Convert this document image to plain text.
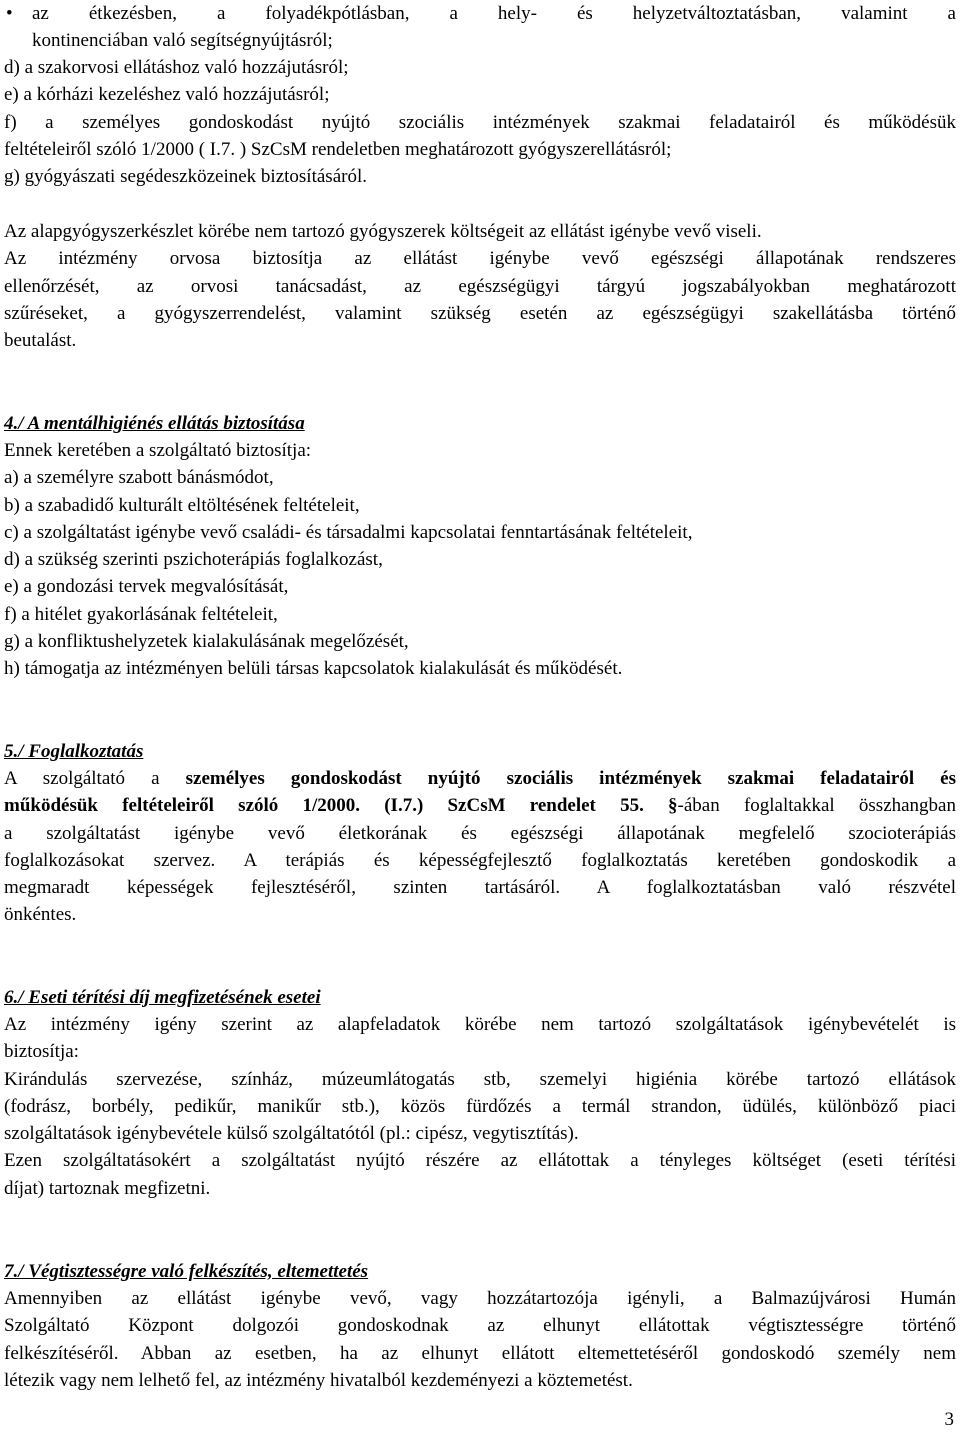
• az étkezésben, a folyadékpótlásban, a hely- és helyzetváltoztatásban, valamint a
kontinenciában való segítségnyújtásról;
d) a szakorvosi ellátáshoz való hozzájutásról;
e) a kórházi kezeléshez való hozzájutásról;
f) a személyes gondoskodást nyújtó szociális intézmények szakmai feladatairól és működésük
feltételeiről szóló 1/2000 ( I.7. ) SzCsM rendeletben meghatározott gyógyszerellátásról;
g) gyógyászati segédeszközeinek biztosításáról.
Az alapgyógyszerkészlet körébe nem tartozó gyógyszerek költségeit az ellátást igénybe vevő viseli.
Az intézmény orvosa biztosítja az ellátást igénybe vevő egészségi állapotának rendszeres
ellenőrzését, az orvosi tanácsadást, az egészségügyi tárgyú jogszabályokban meghatározott
szűréseket, a gyógyszerrendelést, valamint szükség esetén az egészségügyi szakellátásba történő
beutalást.
4./ A mentálhigiénés ellátás biztosítása
Ennek keretében a szolgáltató biztosítja:
a) a személyre szabott bánásmódot,
b) a szabadidő kulturált eltöltésének feltételeit,
c) a szolgáltatást igénybe vevő családi- és társadalmi kapcsolatai fenntartásának feltételeit,
d) a szükség szerinti pszichoterápiás foglalkozást,
e) a gondozási tervek megvalósítását,
f) a hitélet gyakorlásának feltételeit,
g) a konfliktushelyzetek kialakulásának megelőzését,
h) támogatja az intézményen belüli társas kapcsolatok kialakulását és működését.
5./ Foglalkoztatás
A szolgáltató a személyes gondoskodást nyújtó szociális intézmények szakmai feladatairól és
működésük feltételeiről szóló 1/2000. (I.7.) SzCsM rendelet 55. §-ában foglaltakkal összhangban
a szolgáltatást igénybe vevő életkorának és egészségi állapotának megfelelő szocioterápiás
foglalkozásokat szervez. A terápiás és képességfejlesztő foglalkoztatás keretében gondoskodik a
megmaradt képességek fejlesztéséről, szinten tartásáról. A foglalkoztatásban való részvétel
önkéntes.
6./ Eseti térítési díj megfizetésének esetei
Az intézmény igény szerint az alapfeladatok körébe nem tartozó szolgáltatások igénybevételét is
biztosítja:
Kirándulás szervezése, színház, múzeumlátogatás stb, szemelyi higiénia körébe tartozó ellátások
(fodrász, borbély, pedikűr, manikűr stb.), közös fürdőzés a termál strandon, üdülés, különböző piaci
szolgáltatások igénybevétele külső szolgáltatótól (pl.: cipész, vegytisztítás).
Ezen szolgáltatásokért a szolgáltatást nyújtó részére az ellátottak a tényleges költséget (eseti térítési
díjat) tartoznak megfizetni.
7./ Végtisztességre való felkészítés, eltemettetés
Amennyiben az ellátást igénybe vevő, vagy hozzátartozója igényli, a Balmazújvárosi Humán
Szolgáltató Központ dolgozói gondoskodnak az elhunyt ellátottak végtisztességre történő
felkészítéséről. Abban az esetben, ha az elhunyt ellátott eltemettetéséről gondoskodó személy nem
létezik vagy nem lelhető fel, az intézmény hivatalból kezdeményezi a köztemetést.
3
